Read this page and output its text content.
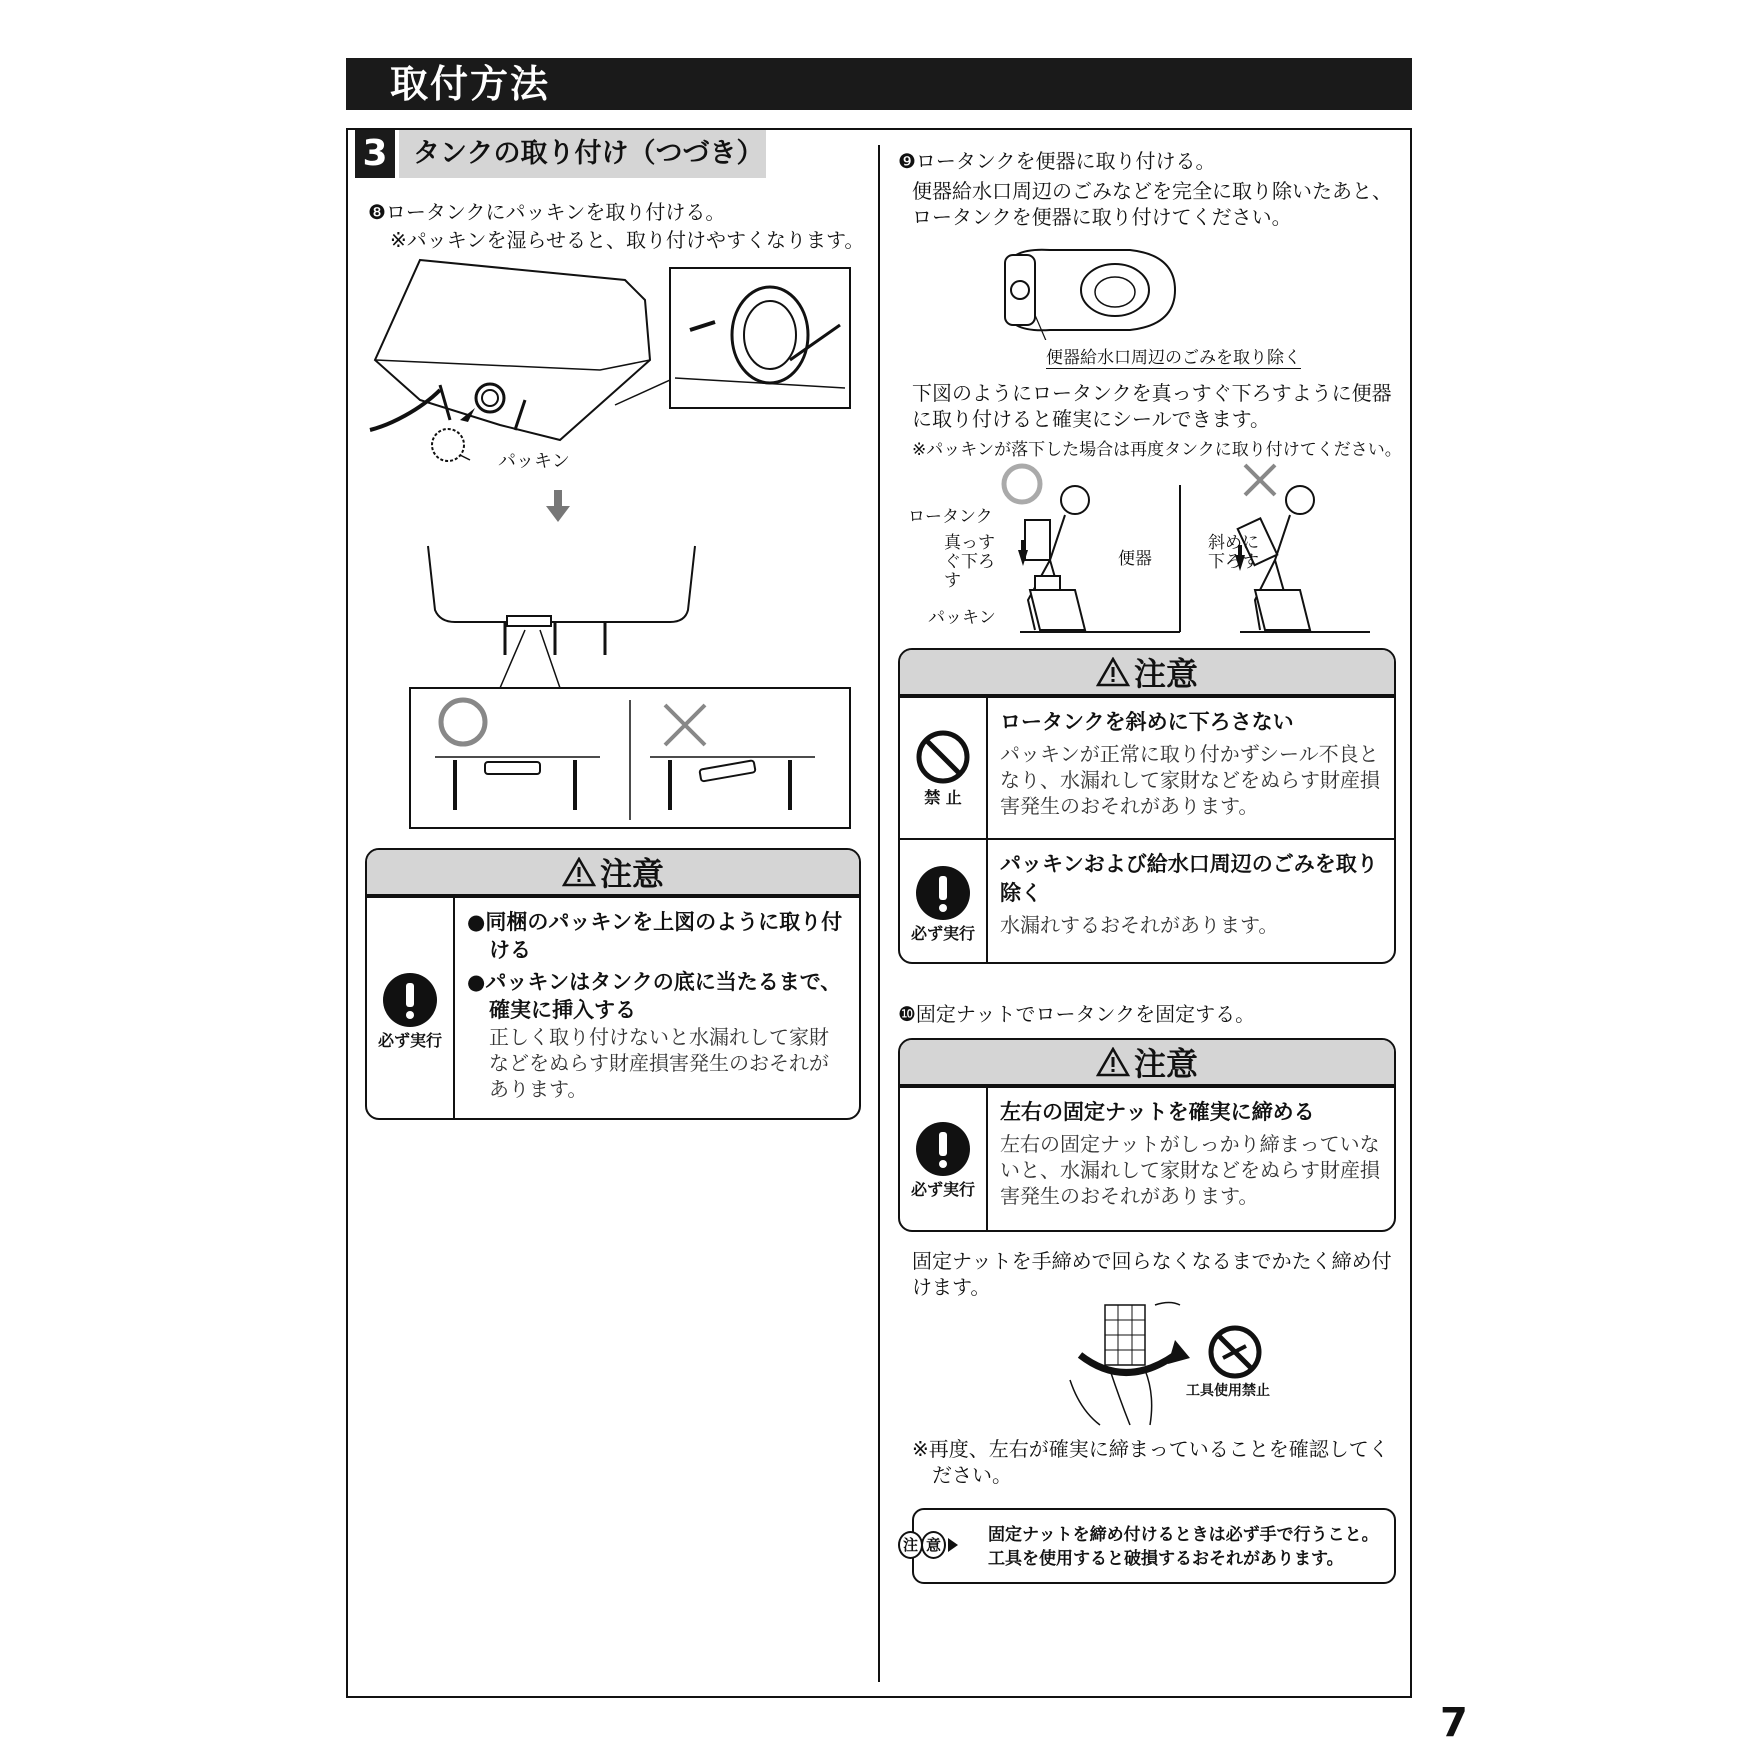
取付方法
3 タンクの取り付け（つづき）
❽ロータンクにパッキンを取り付ける。
※パッキンを湿らせると、取り付けやすくなります。
パッキン
注意
必ず実行
●同梱のパッキンを上図のように取り付ける
●パッキンはタンクの底に当たるまで、確実に挿入する
正しく取り付けないと水漏れして家財などをぬらす財産損害発生のおそれがあります。
❾ロータンクを便器に取り付ける。
便器給水口周辺のごみなどを完全に取り除いたあと、ロータンクを便器に取り付けてください。
便器給水口周辺のごみを取り除く
下図のようにロータンクを真っすぐ下ろすように便器に取り付けると確実にシールできます。
※パッキンが落下した場合は再度タンクに取り付けてください。
ロータンク
真っすぐ下ろす
便器
パッキン
斜めに下ろす
注意
禁 止
ロータンクを斜めに下ろさない
パッキンが正常に取り付かずシール不良となり、水漏れして家財などをぬらす財産損害発生のおそれがあります。
必ず実行
パッキンおよび給水口周辺のごみを取り除く
水漏れするおそれがあります。
❿固定ナットでロータンクを固定する。
注意
必ず実行
左右の固定ナットを確実に締める
左右の固定ナットがしっかり締まっていないと、水漏れして家財などをぬらす財産損害発生のおそれがあります。
固定ナットを手締めで回らなくなるまでかたく締め付けます。
工具使用禁止
※再度、左右が確実に締まっていることを確認してください。
注 意	固定ナットを締め付けるときは必ず手で行うこと。
工具を使用すると破損するおそれがあります。
7
